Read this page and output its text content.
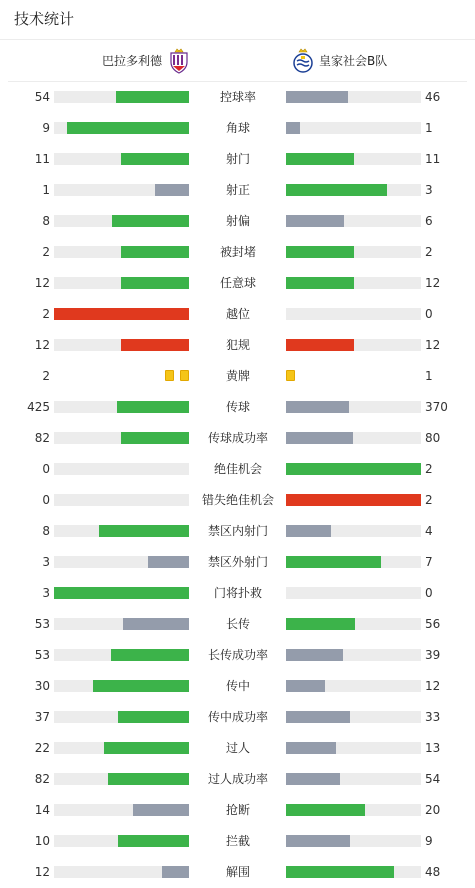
技术统计
巴拉多利德	皇家社会B队
54	控球率	46
9	角球	1
11	射门	11
1	射正	3
8	射偏	6
2	被封堵	2
12	任意球	12
2	越位	0
12	犯规	12
2	黄牌	1
425	传球	370
82	传球成功率	80
0	绝佳机会	2
0	错失绝佳机会	2
8	禁区内射门	4
3	禁区外射门	7
3	门将扑救	0
53	长传	56
53	长传成功率	39
30	传中	12
37	传中成功率	33
22	过人	13
82	过人成功率	54
14	抢断	20
10	拦截	9
12	解围	48
